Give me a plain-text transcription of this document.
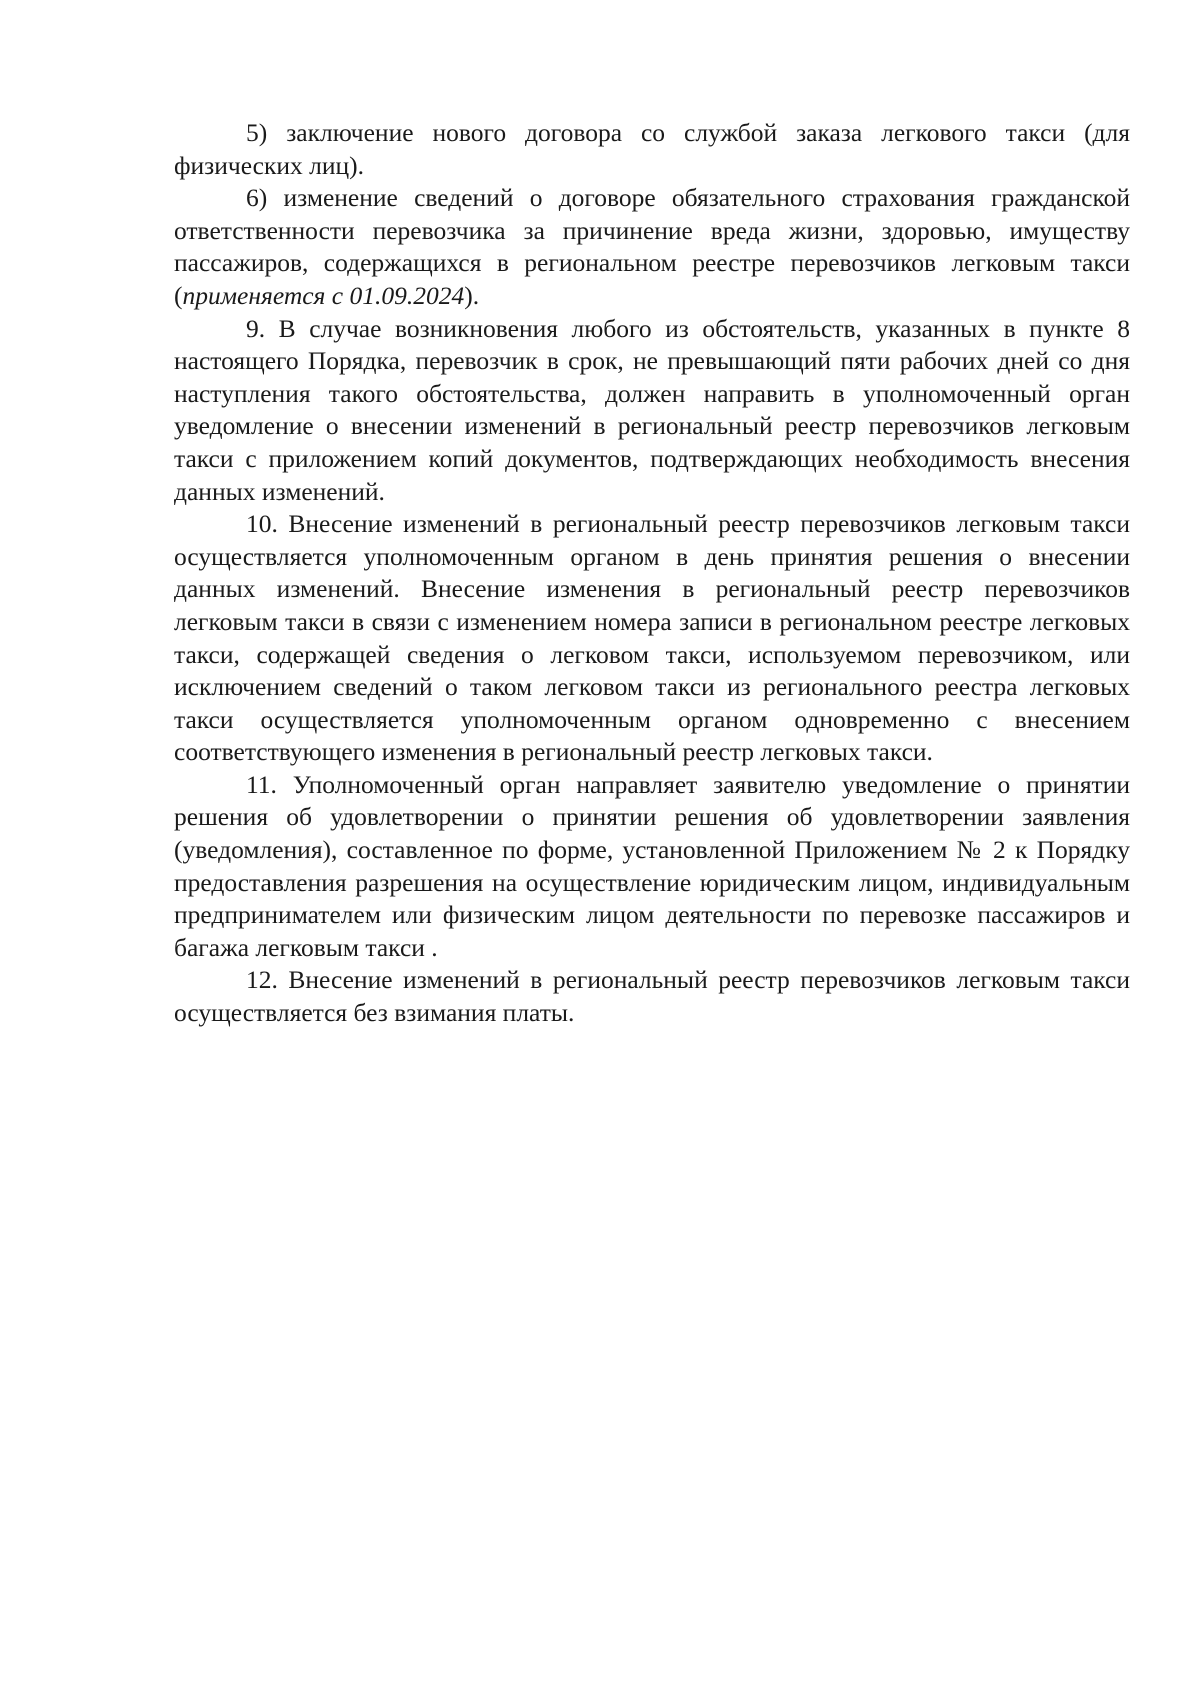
5) заключение нового договора со службой заказа легкового такси (для физических лиц).

6) изменение сведений о договоре обязательного страхования гражданской ответственности перевозчика за причинение вреда жизни, здоровью, имуществу пассажиров, содержащихся в региональном реестре перевозчиков легковым такси (применяется с 01.09.2024).

9. В случае возникновения любого из обстоятельств, указанных в пункте 8 настоящего Порядка, перевозчик в срок, не превышающий пяти рабочих дней со дня наступления такого обстоятельства, должен направить в уполномоченный орган уведомление о внесении изменений в региональный реестр перевозчиков легковым такси с приложением копий документов, подтверждающих необходимость внесения данных изменений.

10. Внесение изменений в региональный реестр перевозчиков легковым такси осуществляется уполномоченным органом в день принятия решения о внесении данных изменений. Внесение изменения в региональный реестр перевозчиков легковым такси в связи с изменением номера записи в региональном реестре легковых такси, содержащей сведения о легковом такси, используемом перевозчиком, или исключением сведений о таком легковом такси из регионального реестра легковых такси осуществляется уполномоченным органом одновременно с внесением соответствующего изменения в региональный реестр легковых такси.

11. Уполномоченный орган направляет заявителю уведомление о принятии решения об удовлетворении о принятии решения об удовлетворении заявления (уведомления), составленное по форме, установленной Приложением № 2 к Порядку предоставления разрешения на осуществление юридическим лицом, индивидуальным предпринимателем или физическим лицом деятельности по перевозке пассажиров и багажа легковым такси .

12. Внесение изменений в региональный реестр перевозчиков легковым такси осуществляется без взимания платы.
